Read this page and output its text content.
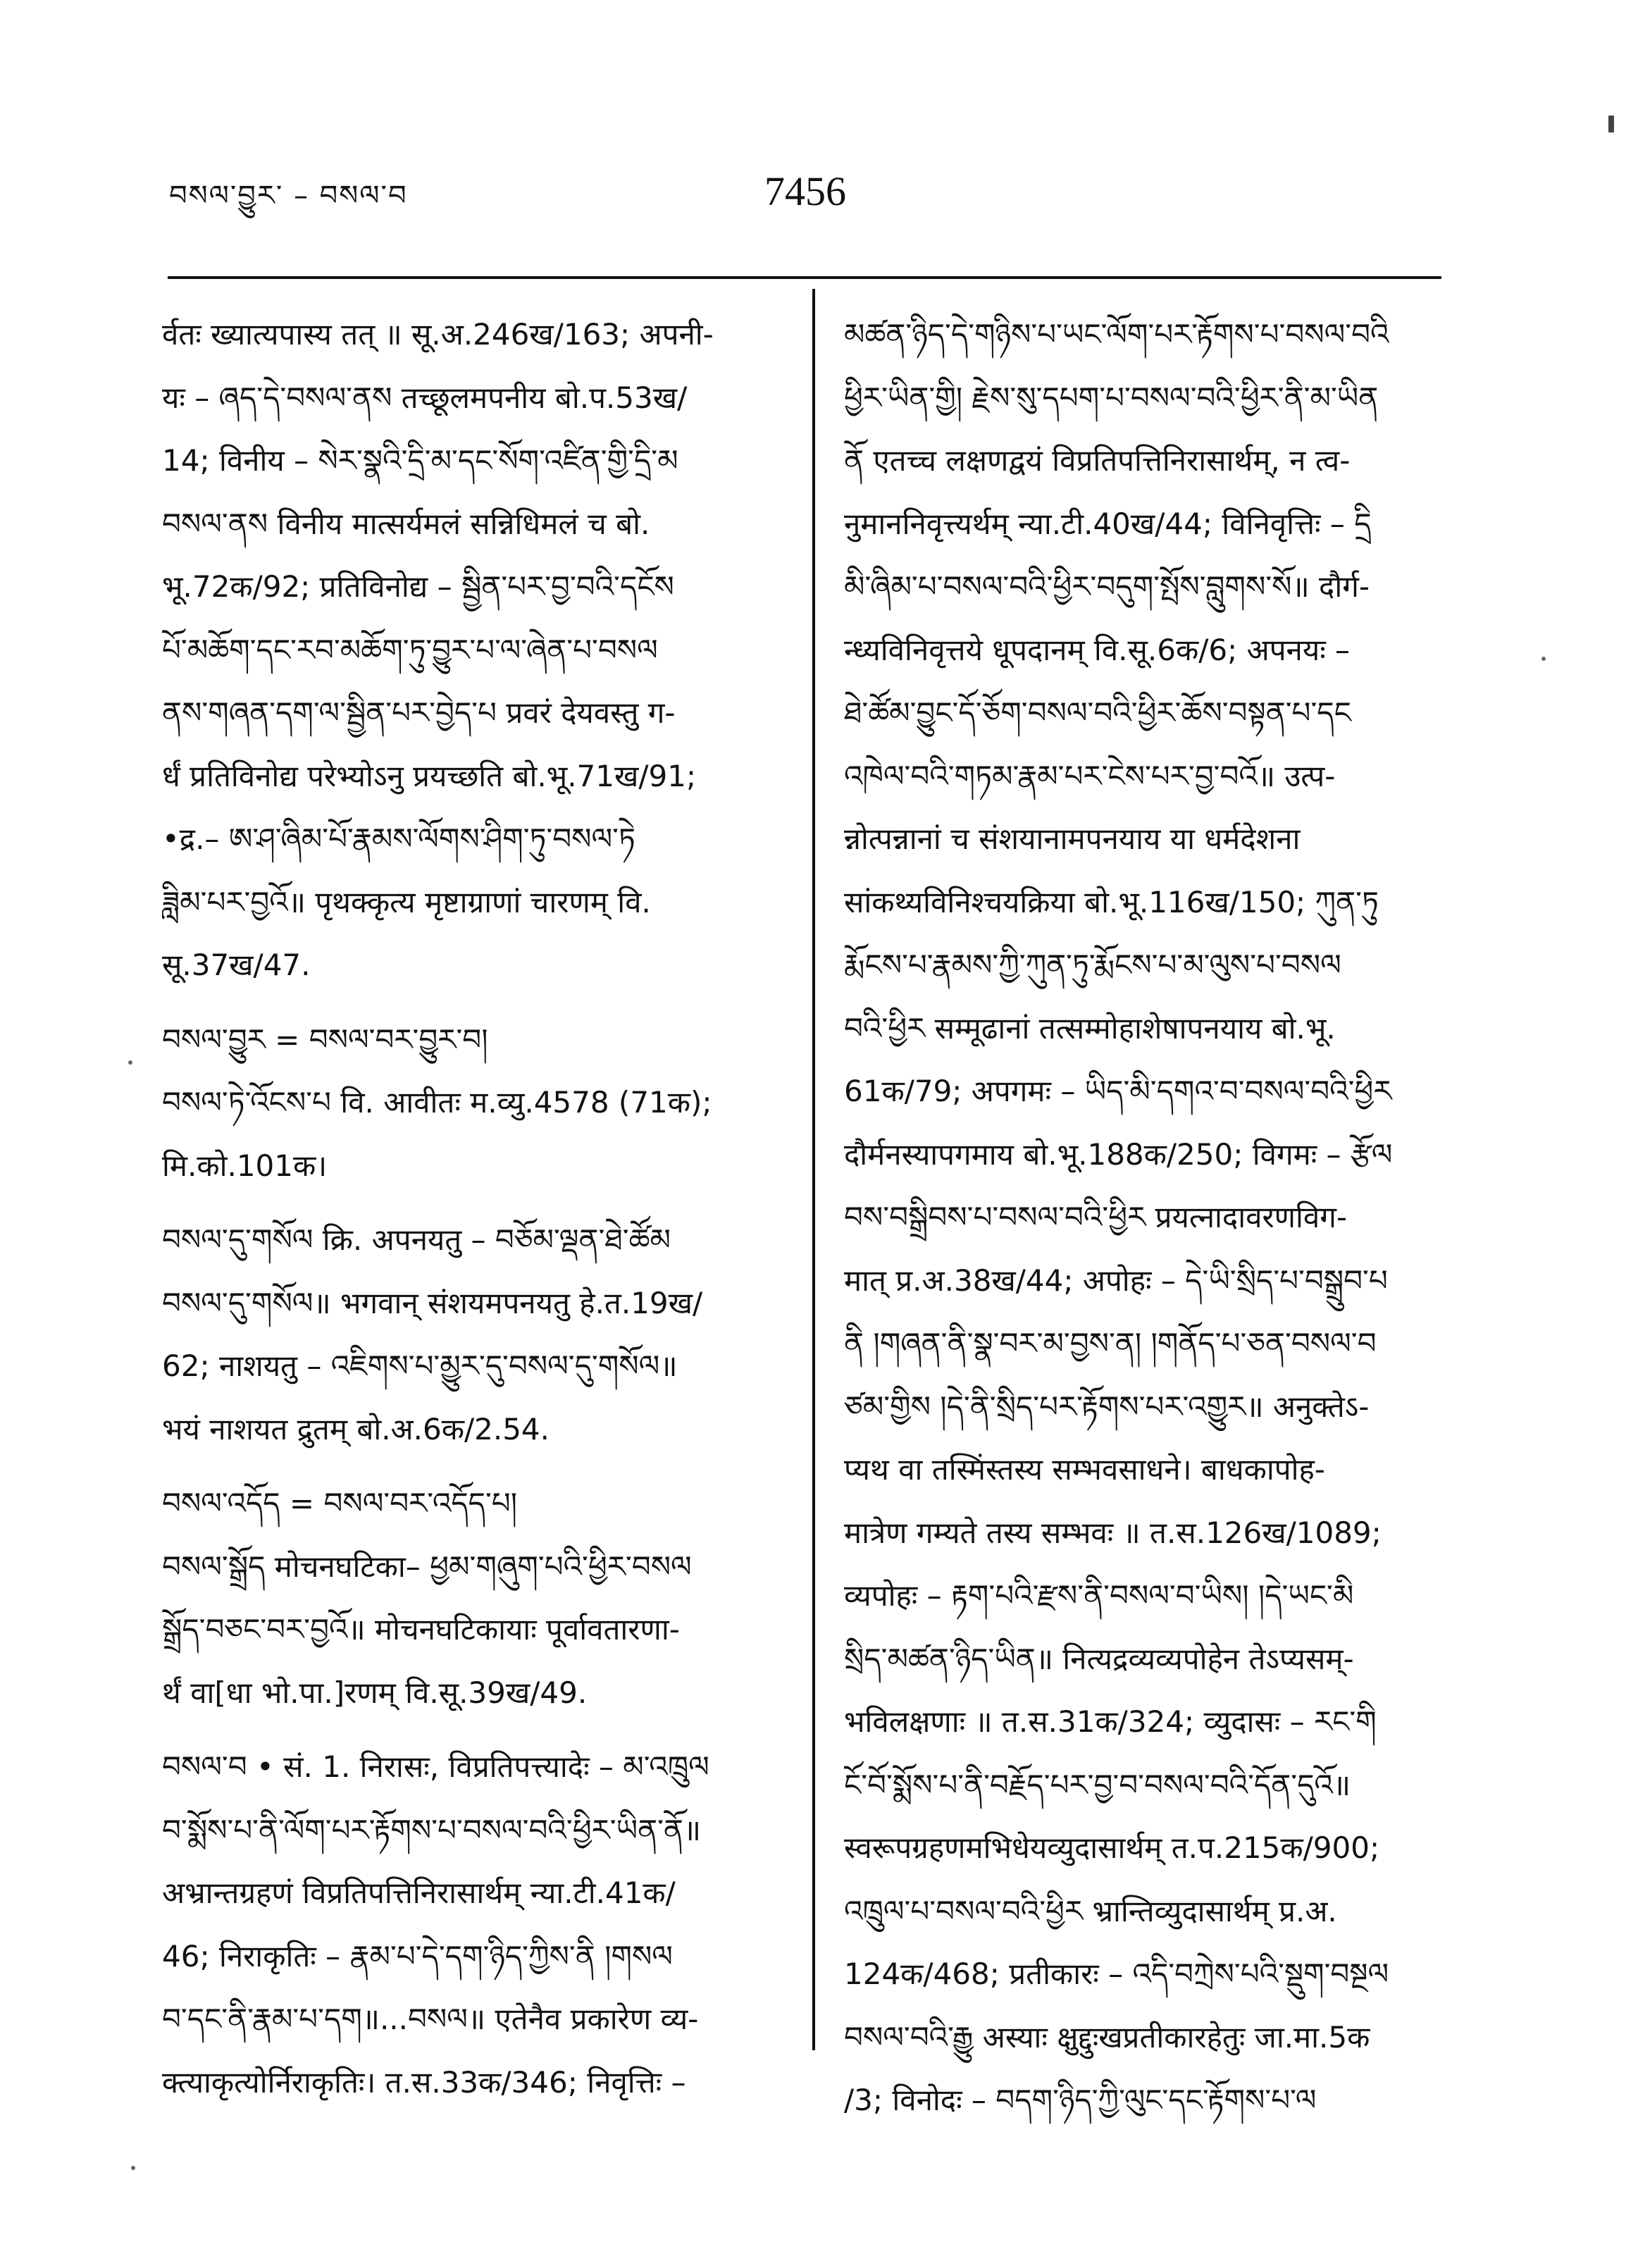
བསལ་བྱུར་ – བསལ་བ	7456
र्वतः ख्यात्यपास्य तत् ॥ सू.अ.246ख/163; अपनी-
यः – ཞད་དེ་བསལ་ནས तच्छूलमपनीय बो.प.53ख/
14; विनीय – སེར་སྣའི་དྲི་མ་དང་སོག་འཛིན་གྱི་དྲི་མ
བསལ་ནས विनीय मात्सर्यमलं सन्निधिमलं च बो.
भू.72क/92; प्रतिविनोद्य – སྦྱིན་པར་བྱ་བའི་དངོས
པོ་མཆོག་དང་རབ་མཆོག་ཏུ་བྱུར་པ་ལ་ཞེན་པ་བསལ
ནས་གཞན་དག་ལ་སྦྱིན་པར་བྱེད་པ प्रवरं देयवस्तु ग-
र्धं प्रतिविनोद्य परेभ्योऽनु प्रयच्छति बो.भू.71ख/91;
•द्र.– ཨ་ཤ་ཞིམ་པོ་རྣམས་ལོགས་ཤིག་ཏུ་བསལ་ཏེ
ཟླིམ་པར་བྱའོ॥ पृथक्कृत्य मृष्टाग्राणां चारणम् वि.
सू.37ख/47.
བསལ་བྱུར = བསལ་བར་བྱུར་བ།
བསལ་ཏེ་འོངས་པ वि. आवीतः म.व्यु.4578 (71क);
मि.को.101क।
བསལ་དུ་གསོལ क्रि. अपनयतु – བཅོམ་ལྡན་ཐེ་ཚོམ
བསལ་དུ་གསོལ॥ भगवान् संशयमपनयतु हे.त.19ख/
62; नाशयतु – འཇིགས་པ་མྱུར་དུ་བསལ་དུ་གསོལ॥
भयं नाशयत द्रुतम् बो.अ.6क/2.54.
བསལ་འདོད = བསལ་བར་འདོད་པ།
བསལ་སྒྲོད मोचनघटिका– ཕྱམ་གཞུག་པའི་ཕྱིར་བསལ
སྒྲོད་བཅང་བར་བྱའོ॥ मोचनघटिकायाः पूर्वावतारणा-
र्थं वा[धा भो.पा.]रणम् वि.सू.39ख/49.
བསལ་བ • सं. 1. निरासः, विप्रतिपत्त्यादेः – མ་འཁྲུལ
བ་སྨོས་པ་ནི་ལོག་པར་རྟོགས་པ་བསལ་བའི་ཕྱིར་ཡིན་ནོ॥
अभ्रान्तग्रहणं विप्रतिपत्तिनिरासार्थम् न्या.टी.41क/
46; निराकृतिः – རྣམ་པ་དེ་དག་ཉིད་ཀྱིས་ནི །གསལ
བ་དང་ནི་རྣམ་པ་དག॥...བསལ॥ एतेनैव प्रकारेण व्य-
क्त्याकृत्योर्निराकृतिः। त.स.33क/346; निवृत्तिः –
མཚན་ཉིད་དེ་གཉིས་པ་ཡང་ལོག་པར་རྟོགས་པ་བསལ་བའི
ཕྱིར་ཡིན་གྱི། རྗེས་སུ་དཔག་པ་བསལ་བའི་ཕྱིར་ནི་མ་ཡིན
ནོ एतच्च लक्षणद्वयं विप्रतिपत्तिनिरासार्थम्, न त्व-
नुमाननिवृत्त्यर्थम् न्या.टी.40ख/44; विनिवृत्तिः – དྲི
མི་ཞིམ་པ་བསལ་བའི་ཕྱིར་བདུག་སྤོས་བླུགས་སོ॥ दौर्ग-
न्ध्यविनिवृत्तये धूपदानम् वि.सू.6क/6; अपनयः –
ཐེ་ཚོམ་བྱུང་དོ་ཅོག་བསལ་བའི་ཕྱིར་ཆོས་བསྟན་པ་དང
འཁེལ་བའི་གཏམ་རྣམ་པར་ངེས་པར་བྱ་བའོ॥ उत्प-
न्नोत्पन्नानां च संशयानामपनयाय या धर्मदेशना
सांकथ्यविनिश्चयक्रिया बो.भू.116ख/150; ཀུན་ཏུ
རྨོངས་པ་རྣམས་ཀྱི་ཀུན་ཏུ་རྨོངས་པ་མ་ལུས་པ་བསལ
བའི་ཕྱིར सम्मूढानां तत्सम्मोहाशेषापनयाय बो.भू.
61क/79; अपगमः – ཡིད་མི་དགའ་བ་བསལ་བའི་ཕྱིར
दौर्मनस्यापगमाय बो.भू.188क/250; विगमः – རྩོལ
བས་བསྒྲིབས་པ་བསལ་བའི་ཕྱིར प्रयत्नादावरणविग-
मात् प्र.अ.38ख/44; अपोहः – དེ་ཡི་སྲིད་པ་བསྒྲུབ་པ
ནི །གཞན་ནི་སྣ་བར་མ་བྱས་ན། །གནོད་པ་ཅན་བསལ་བ
ཙམ་གྱིས །དེ་ནི་སྲིད་པར་རྟོགས་པར་འགྱུར॥ अनुक्तेऽ-
प्यथ वा तस्मिंस्तस्य सम्भवसाधने। बाधकापोह-
मात्रेण गम्यते तस्य सम्भवः ॥ त.स.126ख/1089;
व्यपोहः – རྟག་པའི་རྫས་ནི་བསལ་བ་ཡིས། །དེ་ཡང་མི
སྲིད་མཚན་ཉིད་ཡིན॥ नित्यद्रव्यव्यपोहेन तेऽप्यसम्-
भविलक्षणाः ॥ त.स.31क/324; व्युदासः – རང་གི
ངོ་བོ་སྨོས་པ་ནི་བརྗོད་པར་བྱ་བ་བསལ་བའི་དོན་དུའོ॥
स्वरूपग्रहणमभिधेयव्युदासार्थम् त.प.215क/900;
འཁྲུལ་པ་བསལ་བའི་ཕྱིར भ्रान्तिव्युदासार्थम् प्र.अ.
124क/468; प्रतीकारः – འདི་བཀྲེས་པའི་སྡུག་བསྔལ
བསལ་བའི་རྒྱུ अस्याः क्षुद्दुःखप्रतीकारहेतुः जा.मा.5क
/3; विनोदः – བདག་ཉིད་ཀྱི་ལུང་དང་རྟོགས་པ་ལ
